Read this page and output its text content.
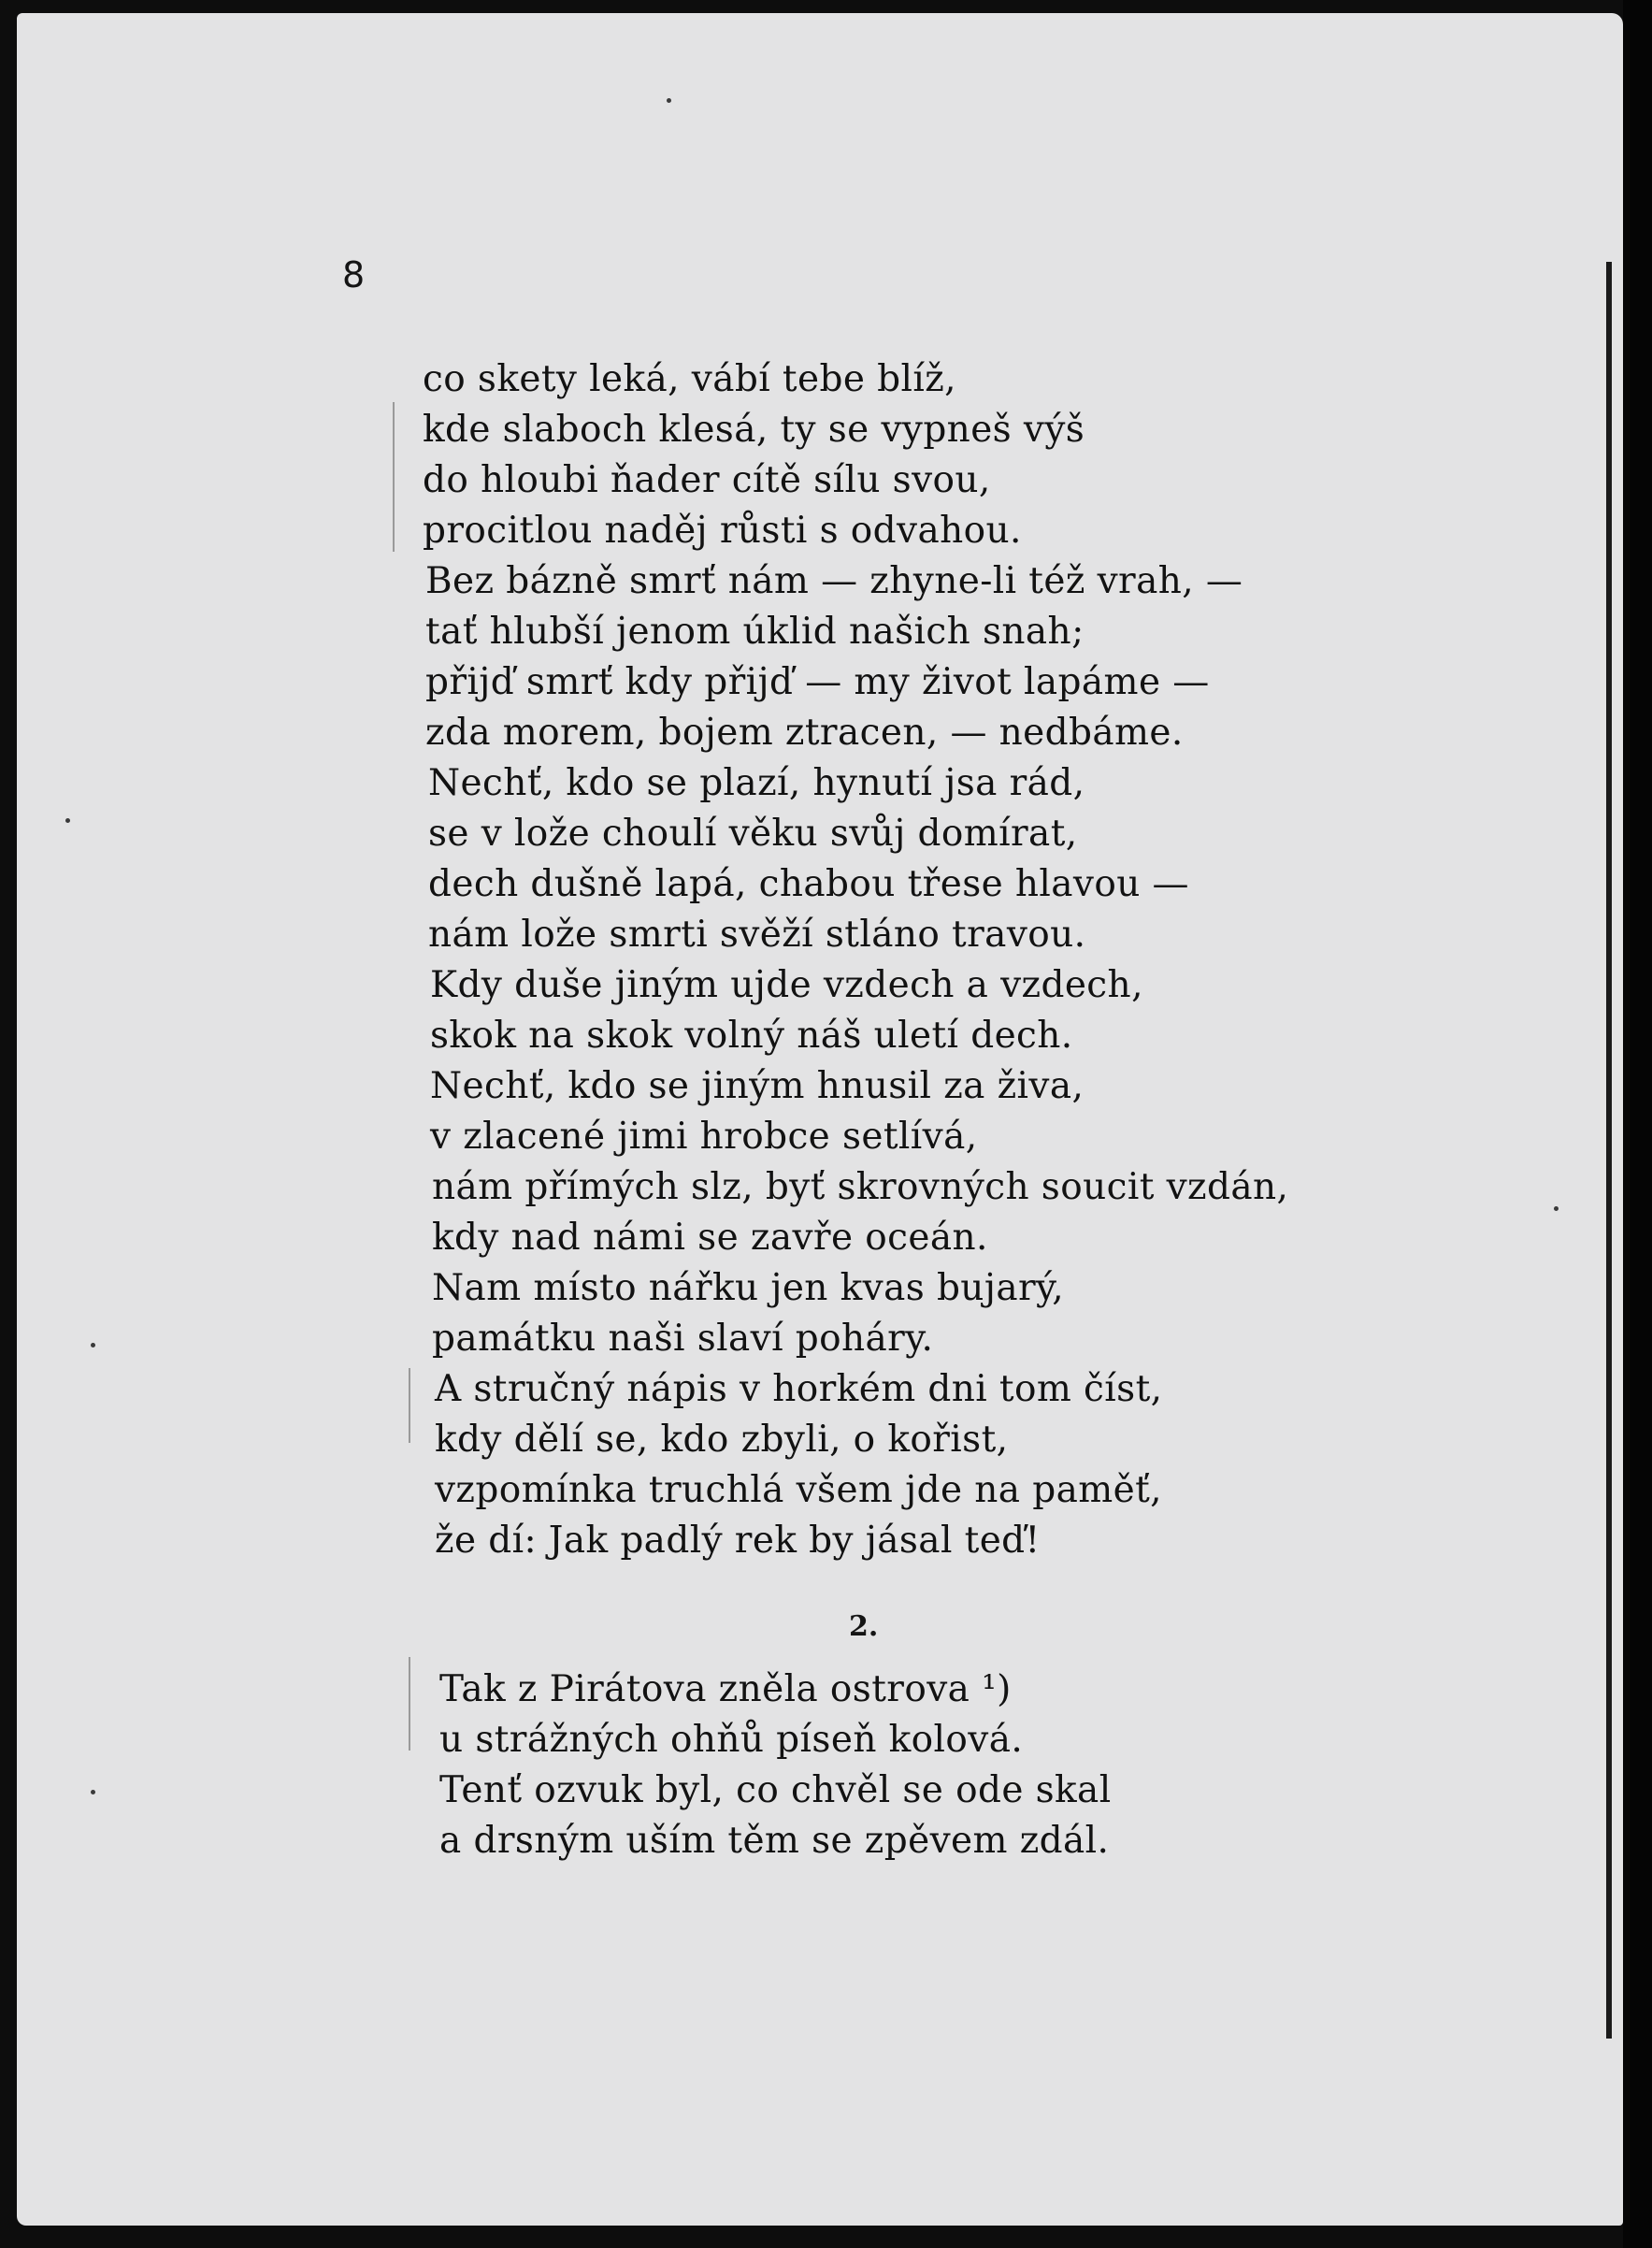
8
co skety leká, vábí tebe blíž,
kde slaboch klesá, ty se vypneš výš
do hloubi ňader cítě sílu svou,
procitlou naděj růsti s odvahou.
Bez bázně smrť nám — zhyne-li též vrah, —
tať hlubší jenom úklid našich snah;
přijď smrť kdy přijď — my život lapáme —
zda morem, bojem ztracen, — nedbáme.
Nechť, kdo se plazí, hynutí jsa rád,
se v lože choulí věku svůj domírat,
dech dušně lapá, chabou třese hlavou —
nám lože smrti svěží stláno travou.
Kdy duše jiným ujde vzdech a vzdech,
skok na skok volný náš uletí dech.
Nechť, kdo se jiným hnusil za živa,
v zlacené jimi hrobce setlívá,
nám přímých slz, byť skrovných soucit vzdán,
kdy nad námi se zavře oceán.
Nam místo nářku jen kvas bujarý,
památku naši slaví poháry.
A stručný nápis v horkém dni tom číst,
kdy dělí se, kdo zbyli, o kořist,
vzpomínka truchlá všem jde na paměť,
že dí: Jak padlý rek by jásal teď!
2.
Tak z Pirátova zněla ostrova ¹)
u strážných ohňů píseň kolová.
Tenť ozvuk byl, co chvěl se ode skal
a drsným uším těm se zpěvem zdál.
